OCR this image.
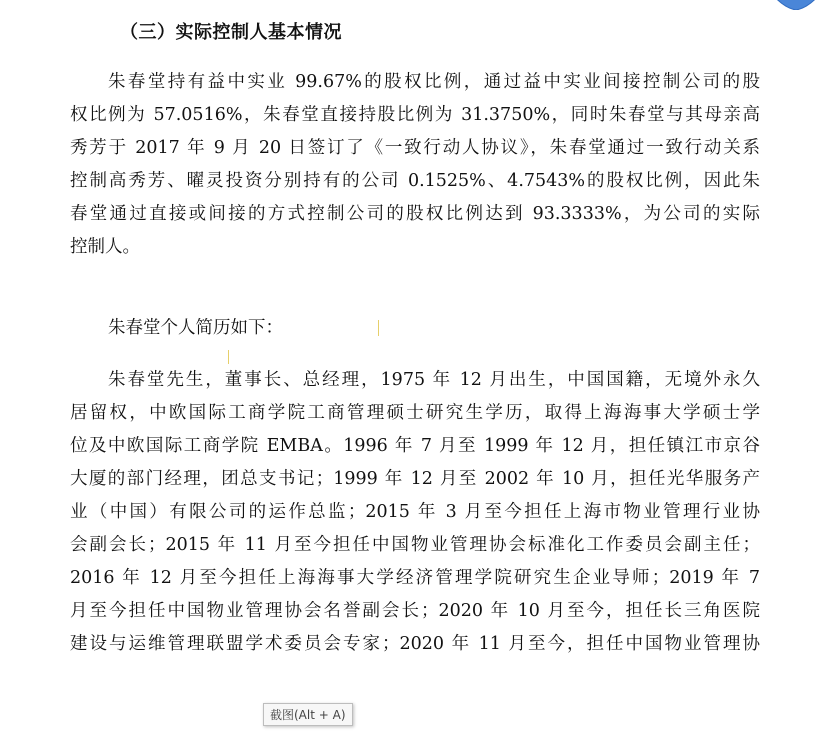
（三）实际控制人基本情况
朱春堂持有益中实业 99.67%的股权比例，通过益中实业间接控制公司的股
权比例为 57.0516%，朱春堂直接持股比例为 31.3750%，同时朱春堂与其母亲高
秀芳于 2017 年 9 月 20 日签订了《一致行动人协议》，朱春堂通过一致行动关系
控制高秀芳、曜灵投资分别持有的公司 0.1525%、4.7543%的股权比例，因此朱
春堂通过直接或间接的方式控制公司的股权比例达到 93.3333%，为公司的实际
控制人。
朱春堂个人简历如下：
朱春堂先生，董事长、总经理，1975 年 12 月出生，中国国籍，无境外永久
居留权，中欧国际工商学院工商管理硕士研究生学历，取得上海海事大学硕士学
位及中欧国际工商学院 EMBA。1996 年 7 月至 1999 年 12 月，担任镇江市京谷
大厦的部门经理，团总支书记；1999 年 12 月至 2002 年 10 月，担任光华服务产
业（中国）有限公司的运作总监；2015 年 3 月至今担任上海市物业管理行业协
会副会长；2015 年 11 月至今担任中国物业管理协会标准化工作委员会副主任；
2016 年 12 月至今担任上海海事大学经济管理学院研究生企业导师；2019 年 7
月至今担任中国物业管理协会名誉副会长；2020 年 10 月至今，担任长三角医院
建设与运维管理联盟学术委员会专家；2020 年 11 月至今，担任中国物业管理协
截图(Alt + A)
